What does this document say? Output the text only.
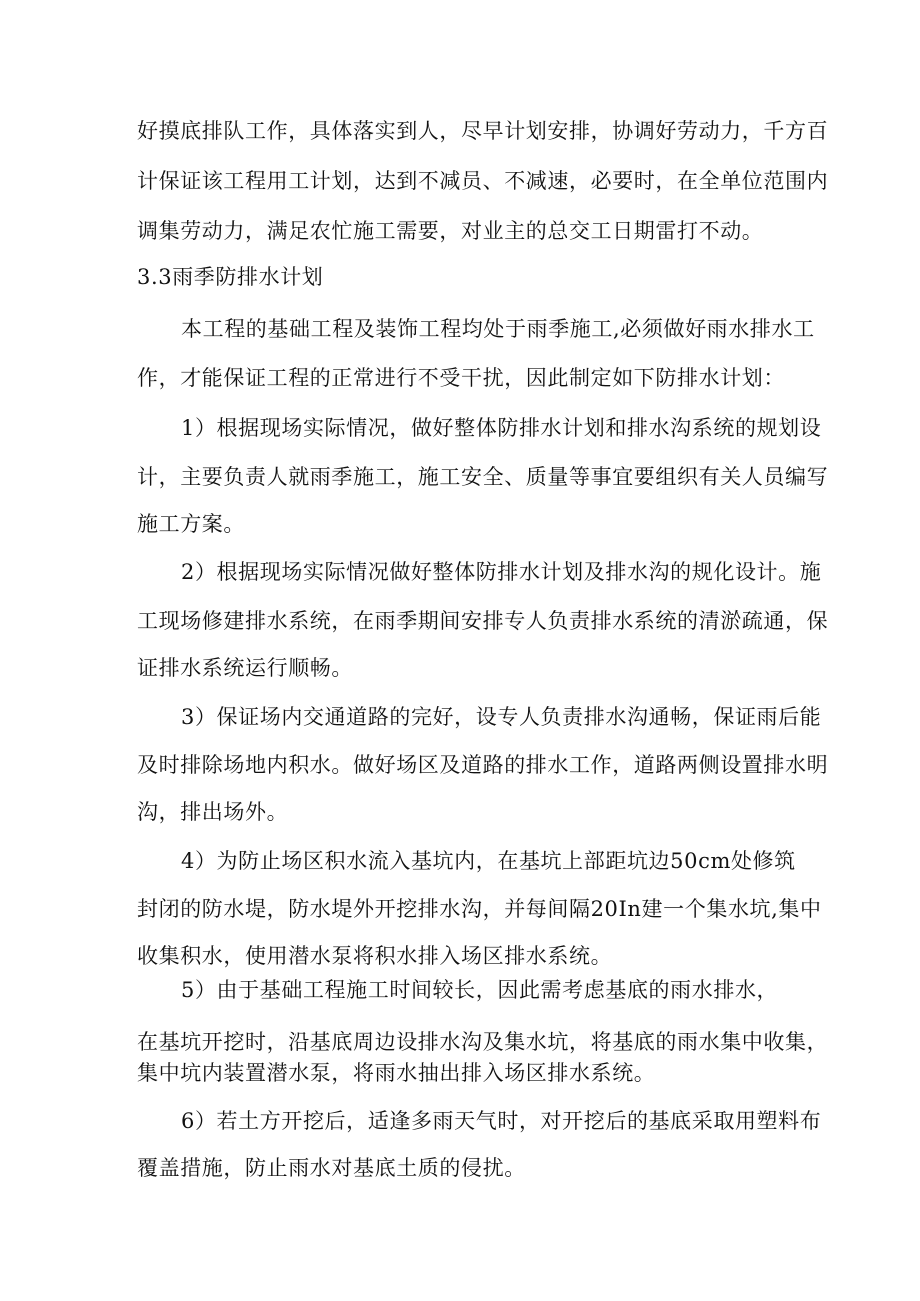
好摸底排队工作，具体落实到人，尽早计划安排，协调好劳动力，千方百
计保证该工程用工计划，达到不减员、不减速，必要时，在全单位范围内
调集劳动力，满足农忙施工需要，对业主的总交工日期雷打不动。
3.3雨季防排水计划
本工程的基础工程及装饰工程均处于雨季施工,必须做好雨水排水工
作，才能保证工程的正常进行不受干扰，因此制定如下防排水计划：
1）根据现场实际情况，做好整体防排水计划和排水沟系统的规划设
计，主要负责人就雨季施工，施工安全、质量等事宜要组织有关人员编写
施工方案。
2）根据现场实际情况做好整体防排水计划及排水沟的规化设计。施
工现场修建排水系统，在雨季期间安排专人负责排水系统的清淤疏通，保
证排水系统运行顺畅。
3）保证场内交通道路的完好，设专人负责排水沟通畅，保证雨后能
及时排除场地内积水。做好场区及道路的排水工作，道路两侧设置排水明
沟，排出场外。
4）为防止场区积水流入基坑内，在基坑上部距坑边50cm处修筑
封闭的防水堤，防水堤外开挖排水沟，并每间隔20In建一个集水坑,集中
收集积水，使用潜水泵将积水排入场区排水系统。
5）由于基础工程施工时间较长，因此需考虑基底的雨水排水，
在基坑开挖时，沿基底周边设排水沟及集水坑，将基底的雨水集中收集，
集中坑内装置潜水泵，将雨水抽出排入场区排水系统。
6）若土方开挖后，适逢多雨天气时，对开挖后的基底采取用塑料布
覆盖措施，防止雨水对基底土质的侵扰。
